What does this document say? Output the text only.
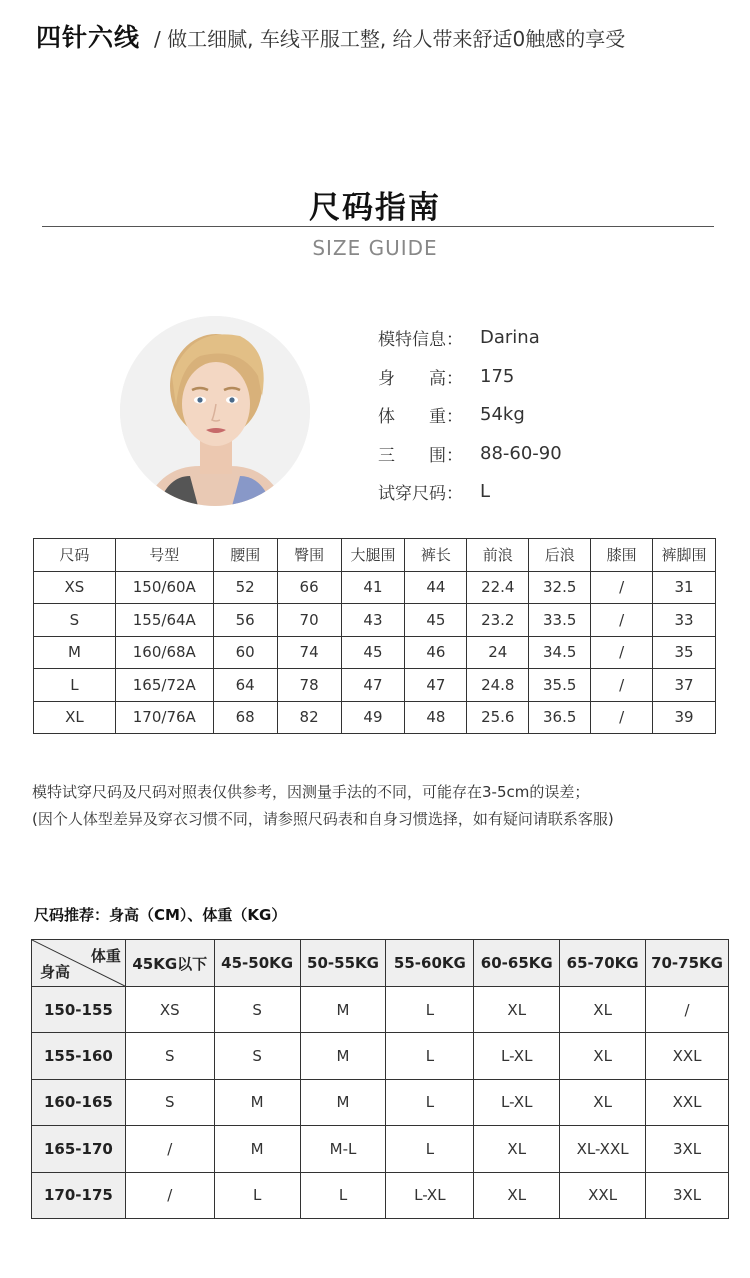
四针六线 / 做工细腻, 车线平服工整, 给人带来舒适0触感的享受
尺码指南
SIZE GUIDE
模特信息： Darina
身　　高： 175
体　　重： 54kg
三　　围： 88-60-90
试穿尺码： L
尺码	号型	腰围	臀围	大腿围	裤长	前浪	后浪	膝围	裤脚围
XS	150/60A	52	66	41	44	22.4	32.5	/	31
S	155/64A	56	70	43	45	23.2	33.5	/	33
M	160/68A	60	74	45	46	24	34.5	/	35
L	165/72A	64	78	47	47	24.8	35.5	/	37
XL	170/76A	68	82	49	48	25.6	36.5	/	39
模特试穿尺码及尺码对照表仅供参考，因测量手法的不同，可能存在3-5cm的误差；
(因个人体型差异及穿衣习惯不同，请参照尺码表和自身习惯选择，如有疑问请联系客服)
尺码推荐：身高（CM）、体重（KG）
体重
身高	45KG以下	45-50KG	50-55KG	55-60KG	60-65KG	65-70KG	70-75KG
150-155	XS	S	M	L	XL	XL	/
155-160	S	S	M	L	L-XL	XL	XXL
160-165	S	M	M	L	L-XL	XL	XXL
165-170	/	M	M-L	L	XL	XL-XXL	3XL
170-175	/	L	L	L-XL	XL	XXL	3XL
